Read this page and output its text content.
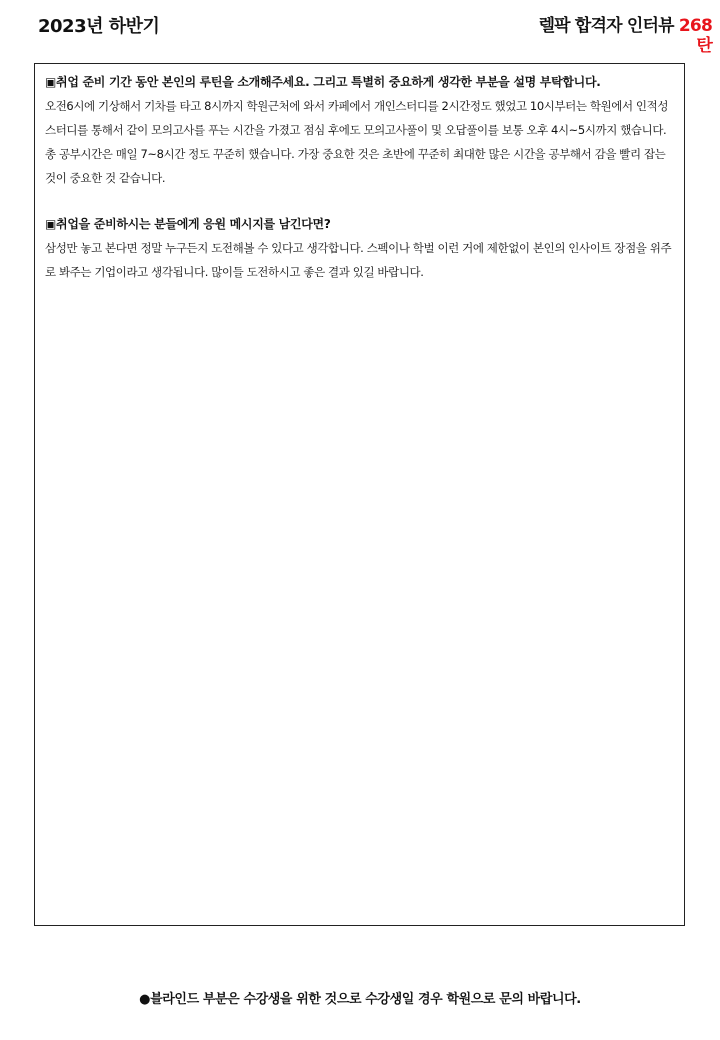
2023년 하반기	렐팍 합격자 인터뷰 268
탄
▣취업 준비 기간 동안 본인의 루틴을 소개해주세요. 그리고 특별히 중요하게 생각한 부분을 설명 부탁합니다.
오전6시에 기상해서 기차를 타고 8시까지 학원근처에 와서 카페에서 개인스터디를 2시간정도 했었고 10시부터는 학원에서 인적성 스터디를 통해서 같이 모의고사를 푸는 시간을 가졌고 점심 후에도 모의고사풀이 및 오답풀이를 보통 오후 4시~5시까지 했습니다. 총 공부시간은 매일 7~8시간 정도 꾸준히 했습니다. 가장 중요한 것은 초반에 꾸준히 최대한 많은 시간을 공부해서 감을 빨리 잡는 것이 중요한 것 같습니다.
▣취업을 준비하시는 분들에게 응원 메시지를 남긴다면?
삼성만 놓고 본다면 정말 누구든지 도전해볼 수 있다고 생각합니다. 스펙이나 학벌 이런 거에 제한없이 본인의 인사이트 장점을 위주로 봐주는 기업이라고 생각됩니다. 많이들 도전하시고 좋은 결과 있길 바랍니다.
●블라인드 부분은 수강생을 위한 것으로 수강생일 경우 학원으로 문의 바랍니다.
